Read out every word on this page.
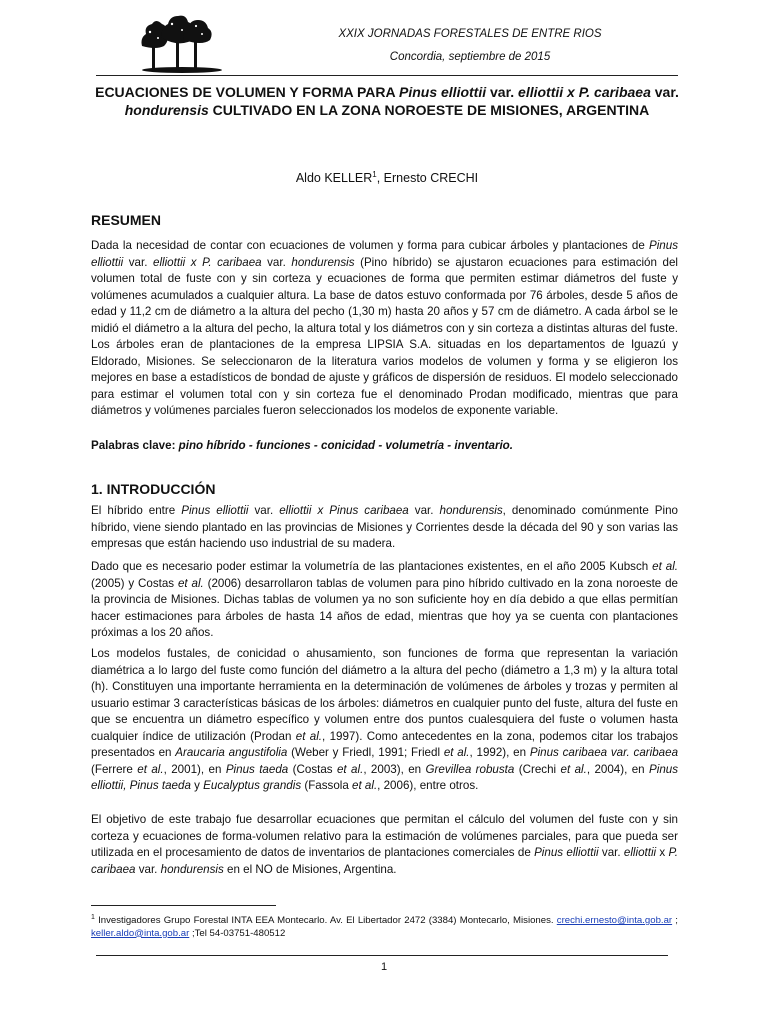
XXIX JORNADAS FORESTALES DE ENTRE RIOS
Concordia, septiembre de 2015
ECUACIONES DE VOLUMEN Y FORMA PARA Pinus elliottii var. elliottii x P. caribaea var. hondurensis CULTIVADO EN LA ZONA NOROESTE DE MISIONES, ARGENTINA
Aldo KELLER$^1$, Ernesto CRECHI
RESUMEN
Dada la necesidad de contar con ecuaciones de volumen y forma para cubicar árboles y plantaciones de Pinus elliottii var. elliottii x P. caribaea var. hondurensis (Pino híbrido) se ajustaron ecuaciones para estimación del volumen total de fuste con y sin corteza y ecuaciones de forma que permiten estimar diámetros del fuste y volúmenes acumulados a cualquier altura. La base de datos estuvo conformada por 76 árboles, desde 5 años de edad y 11,2 cm de diámetro a la altura del pecho (1,30 m) hasta 20 años y 57 cm de diámetro. A cada árbol se le midió el diámetro a la altura del pecho, la altura total y los diámetros con y sin corteza a distintas alturas del fuste. Los árboles eran de plantaciones de la empresa LIPSIA S.A. situadas en los departamentos de Iguazú y Eldorado, Misiones. Se seleccionaron de la literatura varios modelos de volumen y forma y se eligieron los mejores en base a estadísticos de bondad de ajuste y gráficos de dispersión de residuos. El modelo seleccionado para estimar el volumen total con y sin corteza fue el denominado Prodan modificado, mientras que para diámetros y volúmenes parciales fueron seleccionados los modelos de exponente variable.
Palabras clave: pino híbrido - funciones - conicidad - volumetría - inventario.
1. INTRODUCCIÓN
El híbrido entre Pinus elliottii var. elliottii x Pinus caribaea var. hondurensis, denominado comúnmente Pino híbrido, viene siendo plantado en las provincias de Misiones y Corrientes desde la década del 90 y son varias las empresas que están haciendo uso industrial de su madera.
Dado que es necesario poder estimar la volumetría de las plantaciones existentes, en el año 2005 Kubsch et al. (2005) y Costas et al. (2006) desarrollaron tablas de volumen para pino híbrido cultivado en la zona noroeste de la provincia de Misiones. Dichas tablas de volumen ya no son suficiente hoy en día debido a que ellas permitían hacer estimaciones para árboles de hasta 14 años de edad, mientras que hoy ya se cuenta con plantaciones próximas a los 20 años.
Los modelos fustales, de conicidad o ahusamiento, son funciones de forma que representan la variación diamétrica a lo largo del fuste como función del diámetro a la altura del pecho (diámetro a 1,3 m) y la altura total (h). Constituyen una importante herramienta en la determinación de volúmenes de árboles y trozas y permiten al usuario estimar 3 características básicas de los árboles: diámetros en cualquier punto del fuste, altura del fuste en que se encuentra un diámetro específico y volumen entre dos puntos cualesquiera del fuste o volumen hasta cualquier índice de utilización (Prodan et al., 1997). Como antecedentes en la zona, podemos citar los trabajos presentados en Araucaria angustifolia (Weber y Friedl, 1991; Friedl et al., 1992), en Pinus caribaea var. caribaea (Ferrere et al., 2001), en Pinus taeda (Costas et al., 2003), en Grevillea robusta (Crechi et al., 2004), en Pinus elliottii, Pinus taeda y Eucalyptus grandis (Fassola et al., 2006), entre otros.
El objetivo de este trabajo fue desarrollar ecuaciones que permitan el cálculo del volumen del fuste con y sin corteza y ecuaciones de forma-volumen relativo para la estimación de volúmenes parciales, para que pueda ser utilizada en el procesamiento de datos de inventarios de plantaciones comerciales de Pinus elliottii var. elliottii x P. caribaea var. hondurensis en el NO de Misiones, Argentina.
$^1$ Investigadores Grupo Forestal INTA EEA Montecarlo. Av. El Libertador 2472 (3384) Montecarlo, Misiones. crechi.ernesto@inta.gob.ar ; keller.aldo@inta.gob.ar ;Tel 54-03751-480512
1
